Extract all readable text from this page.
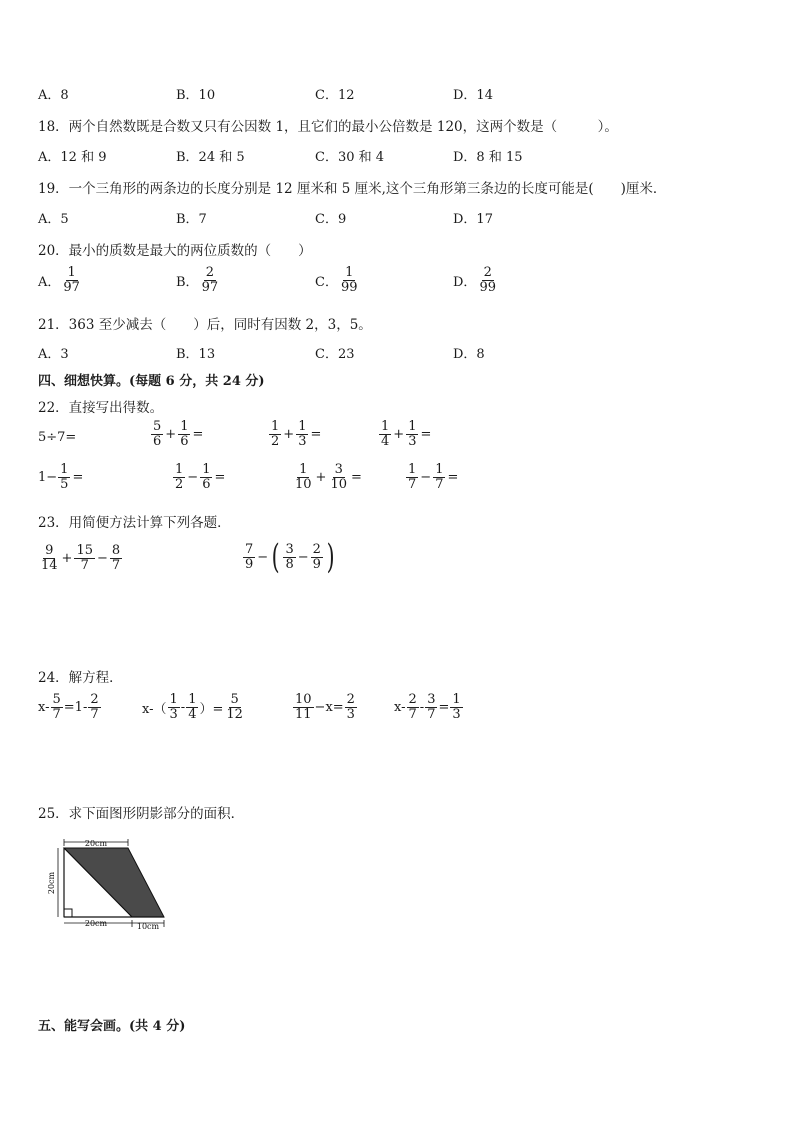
A．8	B．10	C．12	D．14
18．两个自然数既是合数又只有公因数 1，且它们的最小公倍数是 120，这两个数是（　　　）。
A．12 和 9	B．24 和 5	C．30 和 4	D．8 和 15
19．一个三角形的两条边的长度分别是 12 厘米和 5 厘米,这个三角形第三条边的长度可能是(　　)厘米．
A．5	B．7	C．9	D．17
20．最小的质数是最大的两位质数的（　　）
A． $\frac{1}{97}$	B． $\frac{2}{97}$	C． $\frac{1}{99}$	D． $\frac{2}{99}$
21．363 至少减去（　　）后，同时有因数 2，3，5。
A．3	B．13	C．23	D．8
四、细想快算。(每题 6 分，共 24 分)
22．直接写出得数。
5÷7=	$\frac{5}{6} + \frac{1}{6}$ =	$\frac{1}{2} + \frac{1}{3}$ =	$\frac{1}{4} + \frac{1}{3}$ =
$1- \frac{1}{5}$ =	$\frac{1}{2} - \frac{1}{6}$ =	$\frac{1}{10} + \frac{3}{10}$ =	$\frac{1}{7} - \frac{1}{7}$ =
23．用简便方法计算下列各题．
$\frac{9}{14} + \frac{15}{7} - \frac{8}{7}$	$\frac{7}{9}$ − ( $\frac{3}{8} - \frac{2}{9}$ )
24．解方程．
$x- \frac{5}{7} =1- \frac{2}{7}$	$x-( \frac{1}{3} - \frac{1}{4}$ ）= $\frac{5}{12}$	$\frac{10}{11} -x= \frac{2}{3}$	$x- \frac{2}{7} - \frac{3}{7} = \frac{1}{3}$
25．求下面图形阴影部分的面积．
20cm
20cm
20cm	10cm
五、能写会画。(共 4 分)
